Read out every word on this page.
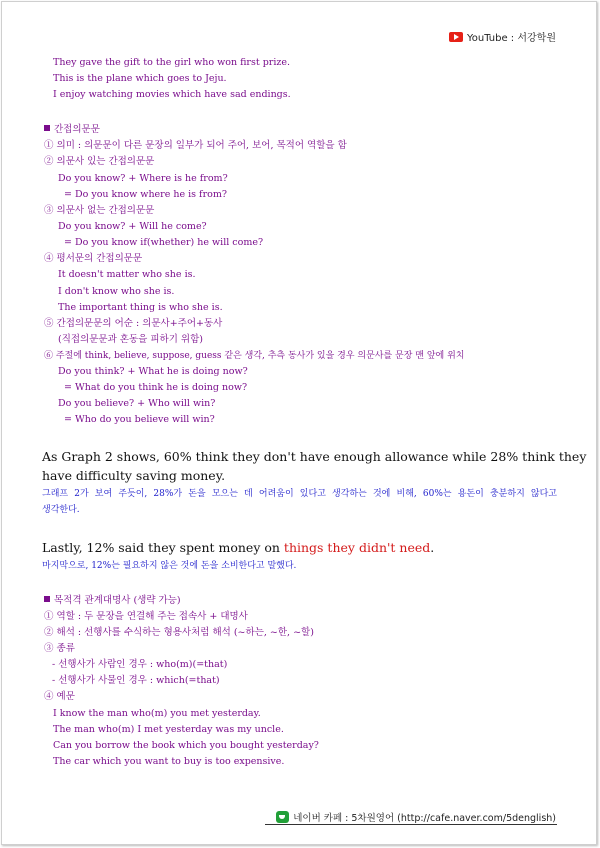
YouTube : 서강학원
They gave the gift to the girl who won first prize.
This is the plane which goes to Jeju.
I enjoy watching movies which have sad endings.
간접의문문
① 의미 : 의문문이 다른 문장의 일부가 되어 주어, 보어, 목적어 역할을 함
② 의문사 있는 간접의문문
Do you know? + Where is he from?
= Do you know where he is from?
③ 의문사 없는 간접의문문
Do you know? + Will he come?
= Do you know if(whether) he will come?
④ 평서문의 간접의문문
It doesn't matter who she is.
I don't know who she is.
The important thing is who she is.
⑤ 간접의문문의 어순 : 의문사+주어+동사
(직접의문문과 혼동을 피하기 위함)
⑥ 주절에 think, believe, suppose, guess 같은 생각, 추측 동사가 있을 경우 의문사를 문장 맨 앞에 위치
Do you think? + What he is doing now?
= What do you think he is doing now?
Do you believe? + Who will win?
= Who do you believe will win?
As Graph 2 shows, 60% think they don't have enough allowance while 28% think they
have difficulty saving money.
그래프 2가 보여 주듯이, 28%가 돈을 모으는 데 어려움이 있다고 생각하는 것에 비해, 60%는 용돈이 충분하지 않다고
생각한다.
Lastly, 12% said they spent money on things they didn't need.
마지막으로, 12%는 필요하지 않은 것에 돈을 소비한다고 말했다.
목적격 관계대명사 (생략 가능)
① 역할 : 두 문장을 연결해 주는 접속사 + 대명사
② 해석 : 선행사를 수식하는 형용사처럼 해석 (~하는, ~한, ~할)
③ 종류
- 선행사가 사람인 경우 : who(m)(=that)
- 선행사가 사물인 경우 : which(=that)
④ 예문
I know the man who(m) you met yesterday.
The man who(m) I met yesterday was my uncle.
Can you borrow the book which you bought yesterday?
The car which you want to buy is too expensive.
네이버 카페 : 5차원영어 (http://cafe.naver.com/5denglish)
